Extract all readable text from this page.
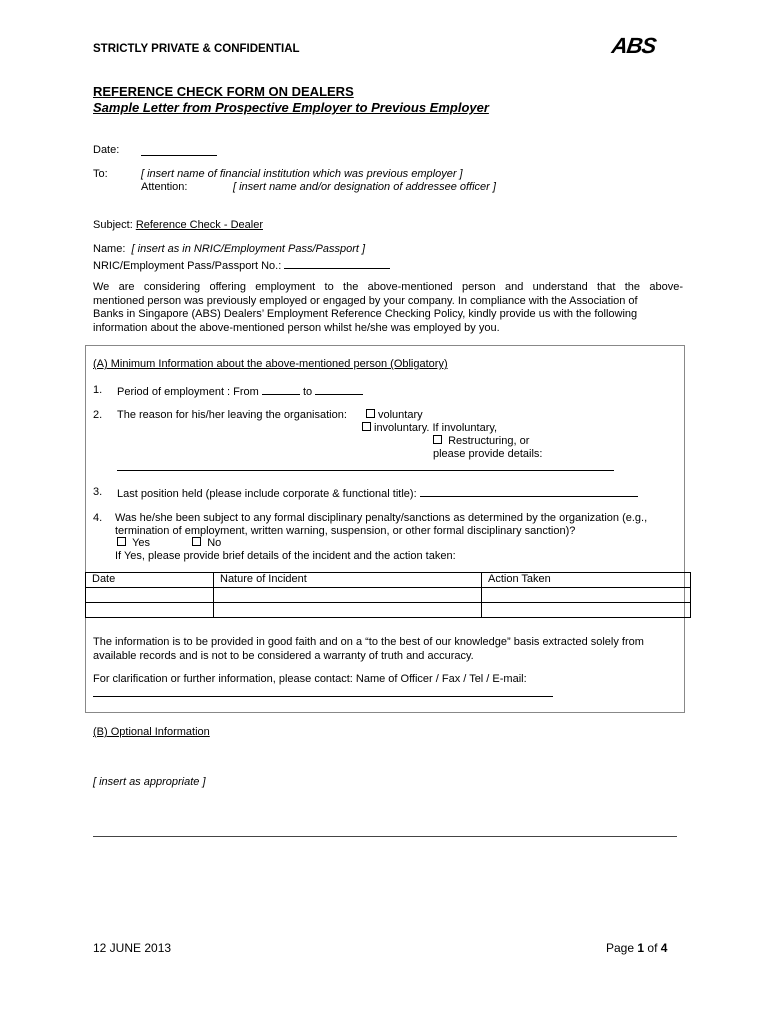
STRICTLY PRIVATE & CONFIDENTIAL	ABS
REFERENCE CHECK FORM ON DEALERS
Sample Letter from Prospective Employer to Previous Employer
Date:
To:	[ insert name of financial institution which was previous employer ]
Attention:	[ insert name and/or designation of addressee officer ]
Subject: Reference Check - Dealer
Name: [ insert as in NRIC/Employment Pass/Passport ]
NRIC/Employment Pass/Passport No.:
We are considering offering employment to the above-mentioned person and understand that the above-
mentioned person was previously employed or engaged by your company. In compliance with the Association of
Banks in Singapore (ABS) Dealers’ Employment Reference Checking Policy, kindly provide us with the following
information about the above-mentioned person whilst he/she was employed by you.
(A) Minimum Information about the above-mentioned person (Obligatory)
1. Period of employment : From	to
2. The reason for his/her leaving the organisation:	voluntary
involuntary. If involuntary,
Restructuring, or
please provide details:
3. Last position held (please include corporate & functional title):
4. Was he/she been subject to any formal disciplinary penalty/sanctions as determined by the organization (e.g.,
termination of employment, written warning, suspension, or other formal disciplinary sanction)?
Yes	No
If Yes, please provide brief details of the incident and the action taken:
Date	Nature of Incident	Action Taken

The information is to be provided in good faith and on a “to the best of our knowledge” basis extracted solely from
available records and is not to be considered a warranty of truth and accuracy.
For clarification or further information, please contact: Name of Officer / Fax / Tel / E-mail:
(B) Optional Information
[ insert as appropriate ]
12 JUNE 2013	Page 1 of 4
